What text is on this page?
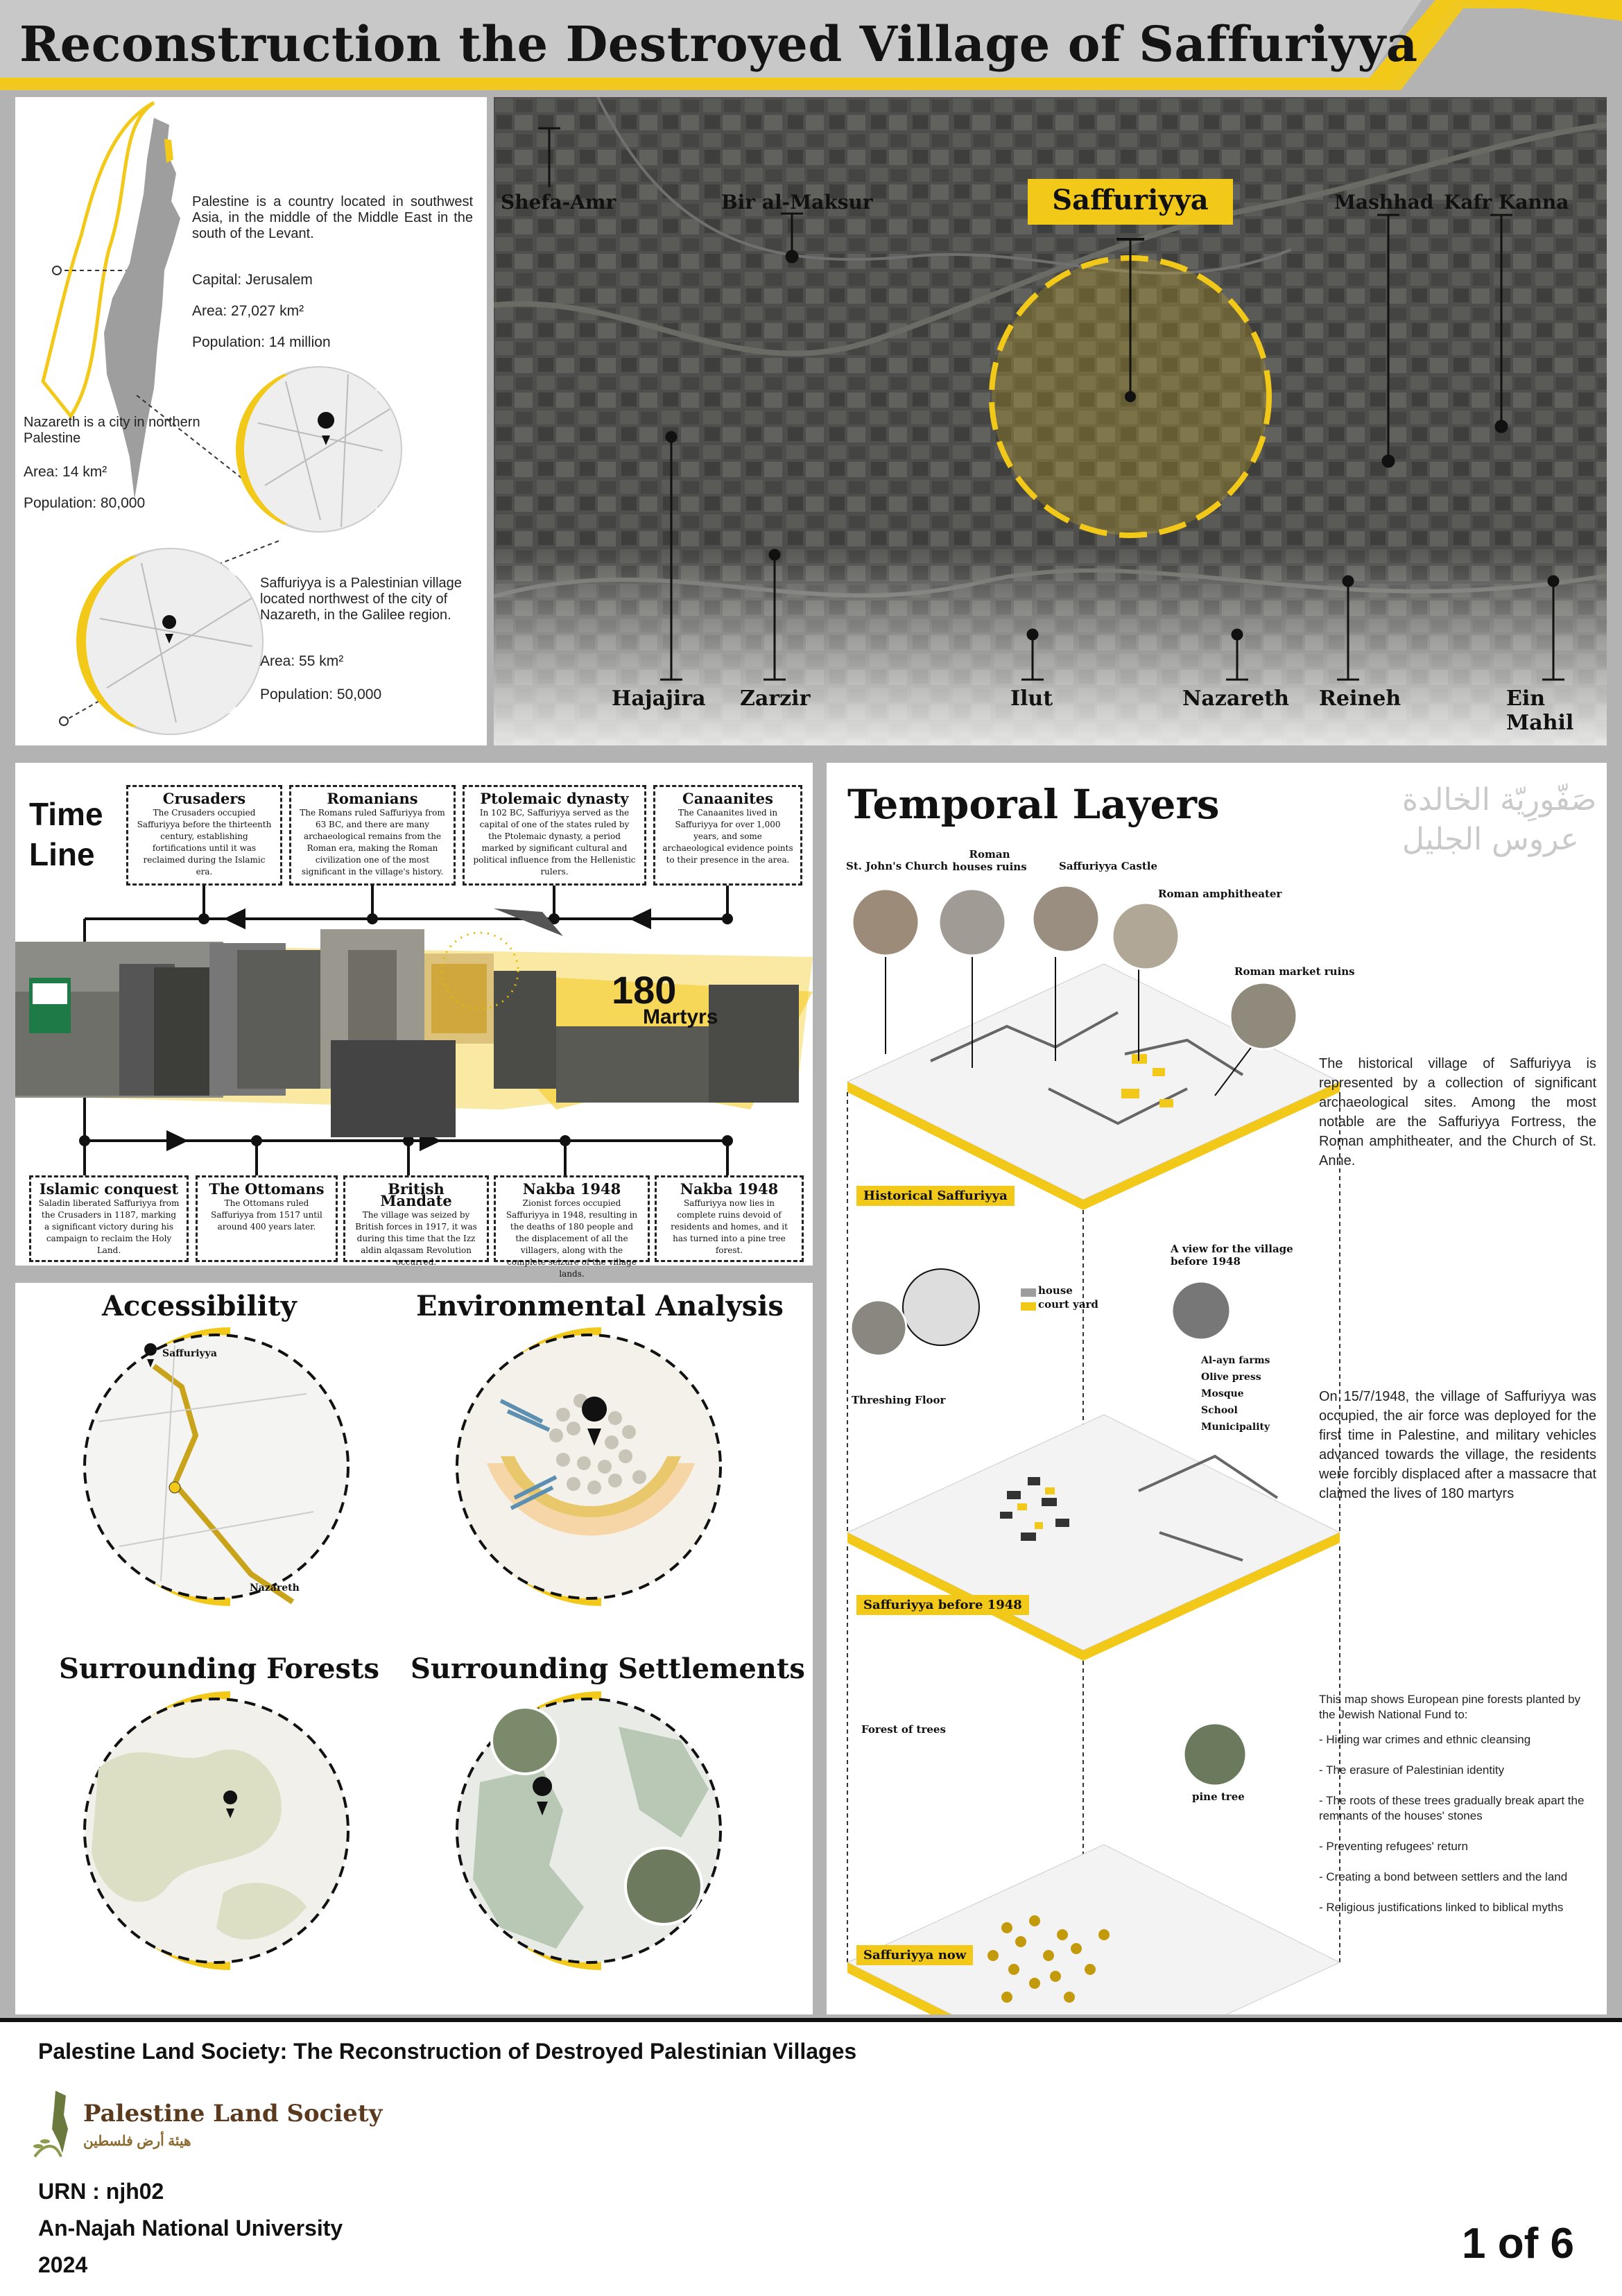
Reconstruction the Destroyed Village of Saffuriyya
Palestine is a country located in southwest Asia, in the middle of the Middle East in the south of the Levant.
Capital: Jerusalem
Area: 27,027 km²
Population: 14 million
Nazareth is a city in northern Palestine
Area: 14 km²
Population: 80,000
Saffuriyya is a Palestinian village located northwest of the city of Nazareth, in the Galilee region.
Area: 55 km²
Population: 50,000
Saffuriyya
Shefa-Amr	Bir al-Maksur	Mashhad Kafr Kanna
Hajajira Zarzir	Ilut	Nazareth Reineh	Ein Mahil
Time
Line
Crusaders
The Crusaders occupied Saffuriyya before the thirteenth century, establishing fortifications until it was reclaimed during the Islamic era.
Romanians
The Romans ruled Saffuriyya from 63 BC, and there are many archaeological remains from the Roman era, making the Roman civilization one of the most significant in the village's history.
Ptolemaic dynasty
In 102 BC, Saffuriyya served as the capital of one of the states ruled by the Ptolemaic dynasty, a period marked by significant cultural and political influence from the Hellenistic rulers.
Canaanites
The Canaanites lived in Saffuriyya for over 1,000 years, and some archaeological evidence points to their presence in the area.
180
Martyrs
Islamic conquest
Saladin liberated Saffuriyya from the Crusaders in 1187, marking a significant victory during his campaign to reclaim the Holy Land.
The Ottomans
The Ottomans ruled Saffuriyya from 1517 until around 400 years later.
British Mandate
The village was seized by British forces in 1917, it was during this time that the Izz aldin alqassam Revolution occurred.
Nakba 1948
Zionist forces occupied Saffuriyya in 1948, resulting in the deaths of 180 people and the displacement of all the villagers, along with the complete seizure of the village lands.
Nakba 1948
Saffuriyya now lies in complete ruins devoid of residents and homes, and it has turned into a pine tree forest.
Accessibility	Environmental Analysis
Surrounding Forests Surrounding Settlements
Saffuriyya
Nazareth
Temporal Layers	صَفّورِيّة الخالدة
عروس الجليل
St. John's Church
Roman houses ruins	Saffuriyya Castle
Roman amphitheater
Roman market ruins
The historical village of Saffuriyya is represented by a collection of significant archaeological sites. Among the most notable are the Saffuriyya Fortress, the Roman amphitheater, and the Church of St. Anne.
Historical Saffuriyya
house
court yard
A view for the village before 1948
Threshing Floor
Al-ayn farms
Olive press
Mosque
School
Municipality
On 15/7/1948, the village of Saffuriyya was occupied, the air force was deployed for the first time in Palestine, and military vehicles advanced towards the village, the residents were forcibly displaced after a massacre that claimed the lives of 180 martyrs
Saffuriyya before 1948
Forest of trees
pine tree
This map shows European pine forests planted by the Jewish National Fund to:
- Hiding war crimes and ethnic cleansing
- The erasure of Palestinian identity
- The roots of these trees gradually break apart the remnants of the houses' stones
- Preventing refugees' return
- Creating a bond between settlers and the land
- Religious justifications linked to biblical myths
Saffuriyya now
Palestine Land Society: The Reconstruction of Destroyed Palestinian Villages
Palestine Land Society
هيئة أرض فلسطين
URN : njh02
An-Najah National University
2024	1 of 6
